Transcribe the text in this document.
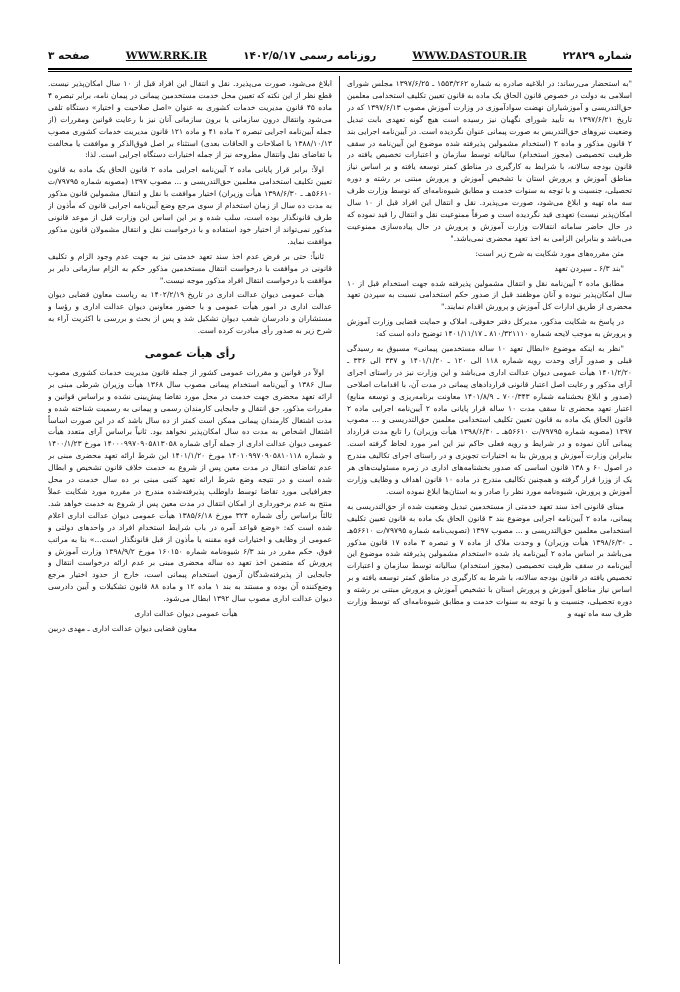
شماره ۲۲۸۲۹
WWW.DASTOUR.IR
روزنامه رسمی ۱۴۰۲/۵/۱۷
WWW.RRK.IR
صفحه ۳

"به استحضار می‌رساند: در ابلاغیه صادره به شماره ۱۵۵۳/۲۶۲ ـ ۱۳۹۷/۶/۲۵ مجلس شورای اسلامی به دولت در خصوص قانون الحاق یک ماده به قانون تعیین تکلیف استخدامی معلمین حق‌التدریسی و آموزشیاران نهضت سوادآموزی در وزارت آموزش مصوب ۱۳۹۷/۶/۱۳ که در تاریخ ۱۳۹۷/۶/۲۱ به تأیید شورای نگهبان نیز رسیده است هیچ گونه تعهدی بابت تبدیل وضعیت نیروهای حق‌التدریس به صورت پیمانی عنوان نگردیده است. در آیین‌نامه اجرایی بند ۲ قانون مذکور و ماده ۲ (استخدام مشمولین پذیرفته شده موضوع این آیین‌نامه در سقف ظرفیت تخصیصی (مجوز استخدام) سالیانه توسط سازمان و اعتبارات تخصیص یافته در قانون بودجه سالانه، با شرایط به کارگیری در مناطق کمتر توسعه یافته و بر اساس نیاز مناطق آموزش و پرورش استان با تشخیص آموزش و پرورش مبتنی بر رشته و دوره تحصیلی، جنسیت و با توجه به سنوات خدمت و مطابق شیوه‌نامه‌ای که توسط وزارت ظرف سه ماه تهیه و ابلاغ می‌شود، صورت می‌پذیرد. نقل و انتقال این افراد قبل از ۱۰ سال امکان‌پذیر نیست) تعهدی قید نگردیده است و صرفاً ممنوعیت نقل و انتقال را قید نموده که در حال حاضر سامانه انتقالات وزارت آموزش و پرورش در حال پیاده‌سازی ممنوعیت می‌باشد و بنابراین الزامی به اخذ تعهد محضری نمی‌باشد."

متن مقرره‌های مورد شکایت به شرح زیر است:

"بند ۶/۳ ـ سپردن تعهد

مطابق ماده ۲ آیین‌نامه نقل و انتقال مشمولین پذیرفته شده جهت استخدام قبل از ۱۰ سال امکان‌پذیر نبوده و آنان موظفند قبل از صدور حکم استخدامی نسبت به سپردن تعهد محضری از طریق ادارات کل آموزش و پرورش اقدام نمایند."

در پاسخ به شکایت مذکور، مدیرکل دفتر حقوقی، املاک و حمایت قضایی وزارت آموزش و پرورش به موجب لایحه شماره ۸۱۰/۳۲۱۱۱۰ ـ ۱۴۰۱/۱۱/۱۷ توضیح داده است که:

"نظر به اینکه موضوع «ابطال تعهد ۱۰ ساله مستخدمین پیمانی» مسبوق به رسیدگی قبلی و صدور آرای وحدت رویه شماره ۱۱۸ الی ۱۲۰ ـ ۱۴۰۱/۱/۲۰ و ۳۳۷ الی ۳۳۶ ـ ۱۴۰۱/۲/۲۰ هیأت عمومی دیوان عدالت اداری می‌باشد و این وزارت نیز در راستای اجرای آرای مذکور و رعایت اصل اعتبار قانونی قراردادهای پیمانی در مدت آن، با اقدامات اصلاحی (صدور و ابلاغ بخشنامه شماره ۷۰۰/۳۴۳ ـ ۱۴۰۱/۸/۹ معاونت برنامه‌ریزی و توسعه منابع) اعتبار تعهد محضری تا سقف مدت ۱۰ ساله قرار پایانی ماده ۲ آیین‌نامه اجرایی ماده ۲ قانون الحاق یک ماده به قانون تعیین تکلیف استخدامی معلمین حق‌التدریسی و ... مصوب ۱۳۹۷ (مصوبه شماره ۷۹۷۹۵/ت ۵۶۶۱۰هـ ـ ۱۳۹۸/۶/۳۰ هیأت وزیران) را تابع مدت قرارداد پیمانی آنان نموده و در شرایط و رویه فعلی حاکم نیز این امر مورد لحاظ گرفته است. بنابراین وزارت آموزش و پرورش بنا به اختیارات تجویزی و در راستای اجرای تکالیف مندرج در اصول ۶۰ و ۱۳۸ قانون اساسی که صدور بخشنامه‌های اداری در زمره مسئولیت‌های هر یک از وزرا قرار گرفته و همچنین تکالیف مندرج در ماده ۱۰ قانون اهداف و وظایف وزارت آموزش و پرورش، شیوه‌نامه مورد نظر را صادر و به استان‌ها ابلاغ نموده است.

مبنای قانونی اخذ سند تعهد خدمتی از مستخدمین تبدیل وضعیت شده از حق‌التدریسی به پیمانی، ماده ۲ آیین‌نامه اجرایی موضوع بند ۳ قانون الحاق یک ماده به قانون تعیین تکلیف استخدامی معلمین حق‌التدریسی و ... مصوب ۱۳۹۷ (تصویب‌نامه شماره ۷۹۷۹۵/ت ۵۶۶۱۰هـ ـ ۱۳۹۸/۶/۳۰ هیأت وزیران) و وحدت ملاک از ماده ۷ و تبصره ۳ ماده ۱۷ قانون مذکور می‌باشد بر اساس ماده ۲ آیین‌نامه یاد شده «استخدام مشمولین پذیرفته شده موضوع این آیین‌نامه در سقف ظرفیت تخصیصی (مجوز استخدام) سالیانه توسط سازمان و اعتبارات تخصیص یافته در قانون بودجه سالانه، با شرط به کارگیری در مناطق کمتر توسعه یافته و بر اساس نیاز مناطق آموزش و پرورش استان با تشخیص آموزش و پرورش مبتنی بر رشته و دوره تحصیلی، جنسیت و با توجه به سنوات خدمت و مطابق شیوه‌نامه‌ای که توسط وزارت ظرف سه ماه تهیه و

ابلاغ می‌شود، صورت می‌پذیرد. نقل و انتقال این افراد قبل از ۱۰ سال امکان‌پذیر نیست. قطع نظر از این نکته که تعیین محل خدمت مستخدمین پیمانی در پیمان نامه، برابر تبصره ۴ ماده ۴۵ قانون مدیریت خدمات کشوری به عنوان «اصل صلاحیت و اختیار» دستگاه تلقی می‌شود وانتقال درون سازمانی یا برون سازمانی آنان نیز با رعایت قوانین ومقررات (از جمله آیین‌نامه اجرایی تبصره ۲ ماده ۴۱ و ماده ۱۲۱ قانون مدیریت خدمات کشوری مصوب ۱۳۸۸/۱۰/۱۳ با اصلاحات و الحاقات بعدی) استثناء بر اصل فوق‌الذکر و موافقت یا مخالفت با تقاضای نقل وانتقال مطروحه نیز از جمله اختیارات دستگاه اجرایی است. لذا:

اولاً: برابر قرار پایانی ماده ۲ آیین‌نامه اجرایی ماده ۲ قانون الحاق یک ماده به قانون تعیین تکلیف استخدامی معلمین حق‌التدریسی و ... مصوب ۱۳۹۷ (مصوبه شماره ۷۹۷۹۵/ت ۵۶۶۱۰هـ ـ ۱۳۹۸/۶/۳۰ هیأت وزیران) اختیار موافقت با نقل و انتقال مشمولین قانون مذکور به مدت ده سال از زمان استخدام از سوی مرجع وضع آیین‌نامه اجرایی قانون که مأذون از طرف قانونگذار بوده است، سلب شده و بر این اساس این وزارت قبل از موعد قانونی مذکور نمی‌تواند از اختیار خود استفاده و با درخواست نقل و انتقال مشمولان قانون مذکور موافقت نماید.

ثانیاً: حتی بر فرض عدم اخذ سند تعهد خدمتی نیز به جهت عدم وجود الزام و تکلیف قانونی در موافقت با درخواست انتقال مستخدمین مذکور حکم به الزام سازمانی دایر بر موافقت با درخواست انتقال افراد مذکور موجه نیست."

هیأت عمومی دیوان عدالت اداری در تاریخ ۱۴۰۲/۲/۱۹ به ریاست معاون قضایی دیوان عدالت اداری در امور هیأت عمومی و با حضور معاونین دیوان عدالت اداری و رؤسا و مستشاران و دادرسان شعب دیوان تشکیل شد و پس از بحث و بررسی با اکثریت آراء به شرح زیر به صدور رأی مبادرت کرده است.

رأی هیأت عمومی

اولاً در قوانین و مقررات عمومی کشور از جمله قانون مدیریت خدمات کشوری مصوب سال ۱۳۸۶ و آیین‌نامه استخدام پیمانی مصوب سال ۱۳۶۸ هیأت وزیران شرطی مبنی بر ارائه تعهد محضری جهت خدمت در محل مورد تقاضا پیش‌بینی نشده و براساس قوانین و مقررات مذکور، حق انتقال و جابجایی کارمندان رسمی و پیمانی به رسمیت شناخته شده و مدت اشتغال کارمندان پیمانی ممکن است کمتر از ده سال باشد که در این صورت اساساً اشتغال اشخاص به مدت ده سال امکان‌پذیر نخواهد بود. ثانیاً براساس آرای متعدد هیأت عمومی دیوان عدالت اداری از جمله آرای شماره ۱۴۰۰۰۹۹۷۰۹۰۵۸۱۳۰۵۸ مورخ ۱۴۰۰/۱/۲۳ و شماره ۱۴۰۱۰۹۹۷۰۹۰۵۸۱۰۱۱۸ مورخ ۱۴۰۱/۱/۲۰ این شرط ارائه تعهد محضری مبنی بر عدم تقاضای انتقال در مدت معین پس از شروع به خدمت خلاف قانون تشخیص و ابطال شده است و در نتیجه وضع شرط ارائه تعهد کتبی مبنی بر ده سال خدمت در محل جغرافیایی مورد تقاضا توسط داوطلب پذیرفته‌شده مندرج در مقرره مورد شکایت عملاً منتج به عدم برخورداری از امکان انتقال در مدت معین پس از شروع به خدمت خواهد شد. ثالثاً براساس رأی شماره ۳۲۴ مورخ ۱۳۸۵/۶/۱۸ هیأت عمومی دیوان عدالت اداری اعلام شده است که: «وضع قواعد آمره در باب شرایط استخدام افراد در واحدهای دولتی و عمومی از وظایف و اختیارات قوه مقننه یا مأذون از قبل قانونگذار است...» بنا به مراتب فوق، حکم مقرر در بند ۶/۳ شیوه‌نامه شماره ۱۶۰۱۵۰ مورخ ۱۳۹۸/۹/۲ وزارت آموزش و پرورش که متضمن اخذ تعهد ده ساله محضری مبنی بر عدم ارائه درخواست انتقال و جابجایی از پذیرفته‌شدگان آزمون استخدام پیمانی است، خارج از حدود اختیار مرجع وضع‌کننده آن بوده و مستند به بند ۱ ماده ۱۲ و ماده ۸۸ قانون تشکیلات و آیین دادرسی دیوان عدالت اداری مصوب سال ۱۳۹۲ ابطال می‌شود.

هیأت عمومی دیوان عدالت اداری

معاون قضایی دیوان عدالت اداری ـ مهدی دربین
